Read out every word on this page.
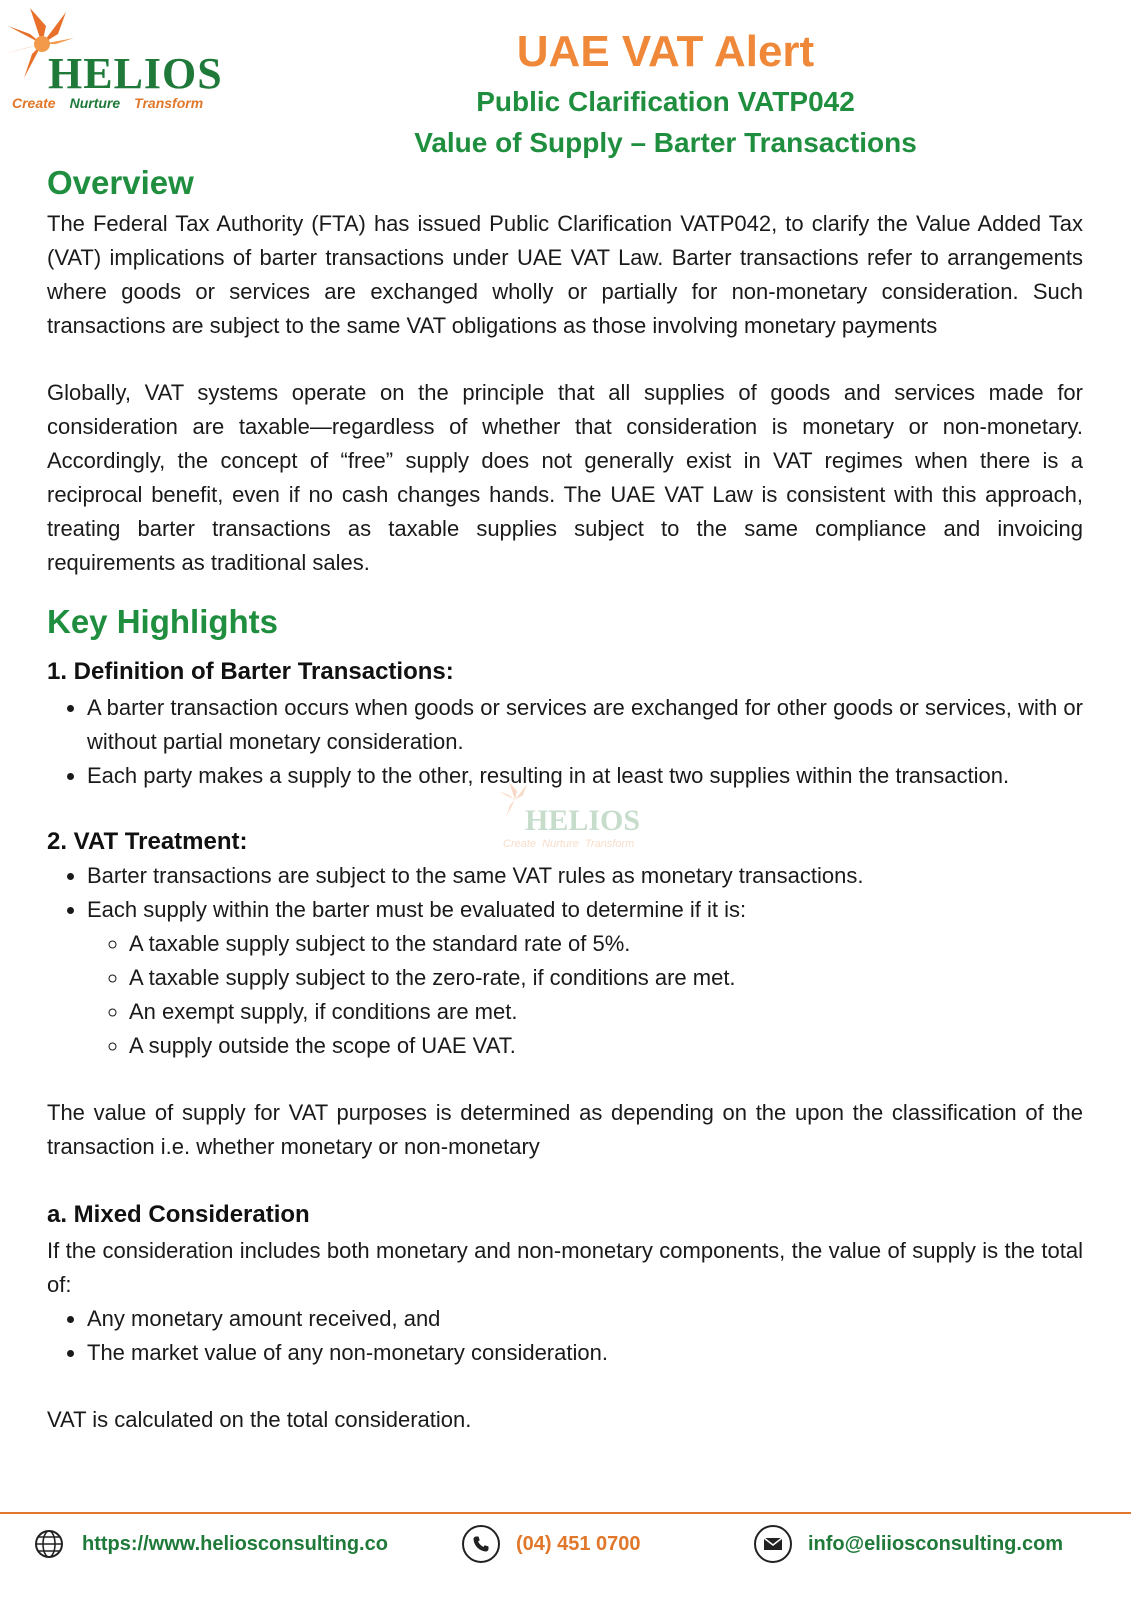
HELIOS
Create Nurture Transform
UAE VAT Alert
Public Clarification VATP042
Value of Supply – Barter Transactions
Overview

The Federal Tax Authority (FTA) has issued Public Clarification VATP042, to clarify the Value Added Tax (VAT) implications of barter transactions under UAE VAT Law. Barter transactions refer to arrangements where goods or services are exchanged wholly or partially for non-monetary consideration. Such transactions are subject to the same VAT obligations as those involving monetary payments

Globally, VAT systems operate on the principle that all supplies of goods and services made for consideration are taxable—regardless of whether that consideration is monetary or non-monetary. Accordingly, the concept of “free” supply does not generally exist in VAT regimes when there is a reciprocal benefit, even if no cash changes hands. The UAE VAT Law is consistent with this approach, treating barter transactions as taxable supplies subject to the same compliance and invoicing requirements as traditional sales.

Key Highlights
1. Definition of Barter Transactions:
• A barter transaction occurs when goods or services are exchanged for other goods or services, with or without partial monetary consideration.
• Each party makes a supply to the other, resulting in at least two supplies within the transaction.
2. VAT Treatment:
• Barter transactions are subject to the same VAT rules as monetary transactions.
• Each supply within the barter must be evaluated to determine if it is:
◦ A taxable supply subject to the standard rate of 5%.
◦ A taxable supply subject to the zero-rate, if conditions are met.
◦ An exempt supply, if conditions are met.
◦ A supply outside the scope of UAE VAT.

The value of supply for VAT purposes is determined as depending on the upon the classification of the transaction i.e. whether monetary or non-monetary

a. Mixed Consideration

If the consideration includes both monetary and non-monetary components, the value of supply is the total of:

• Any monetary amount received, and
• The market value of any non-monetary consideration.

VAT is calculated on the total consideration.

HELIOS
Create Nurture Transform
https://www.heliosconsulting.co	(04) 451 0700	info@eliiosconsulting.com
